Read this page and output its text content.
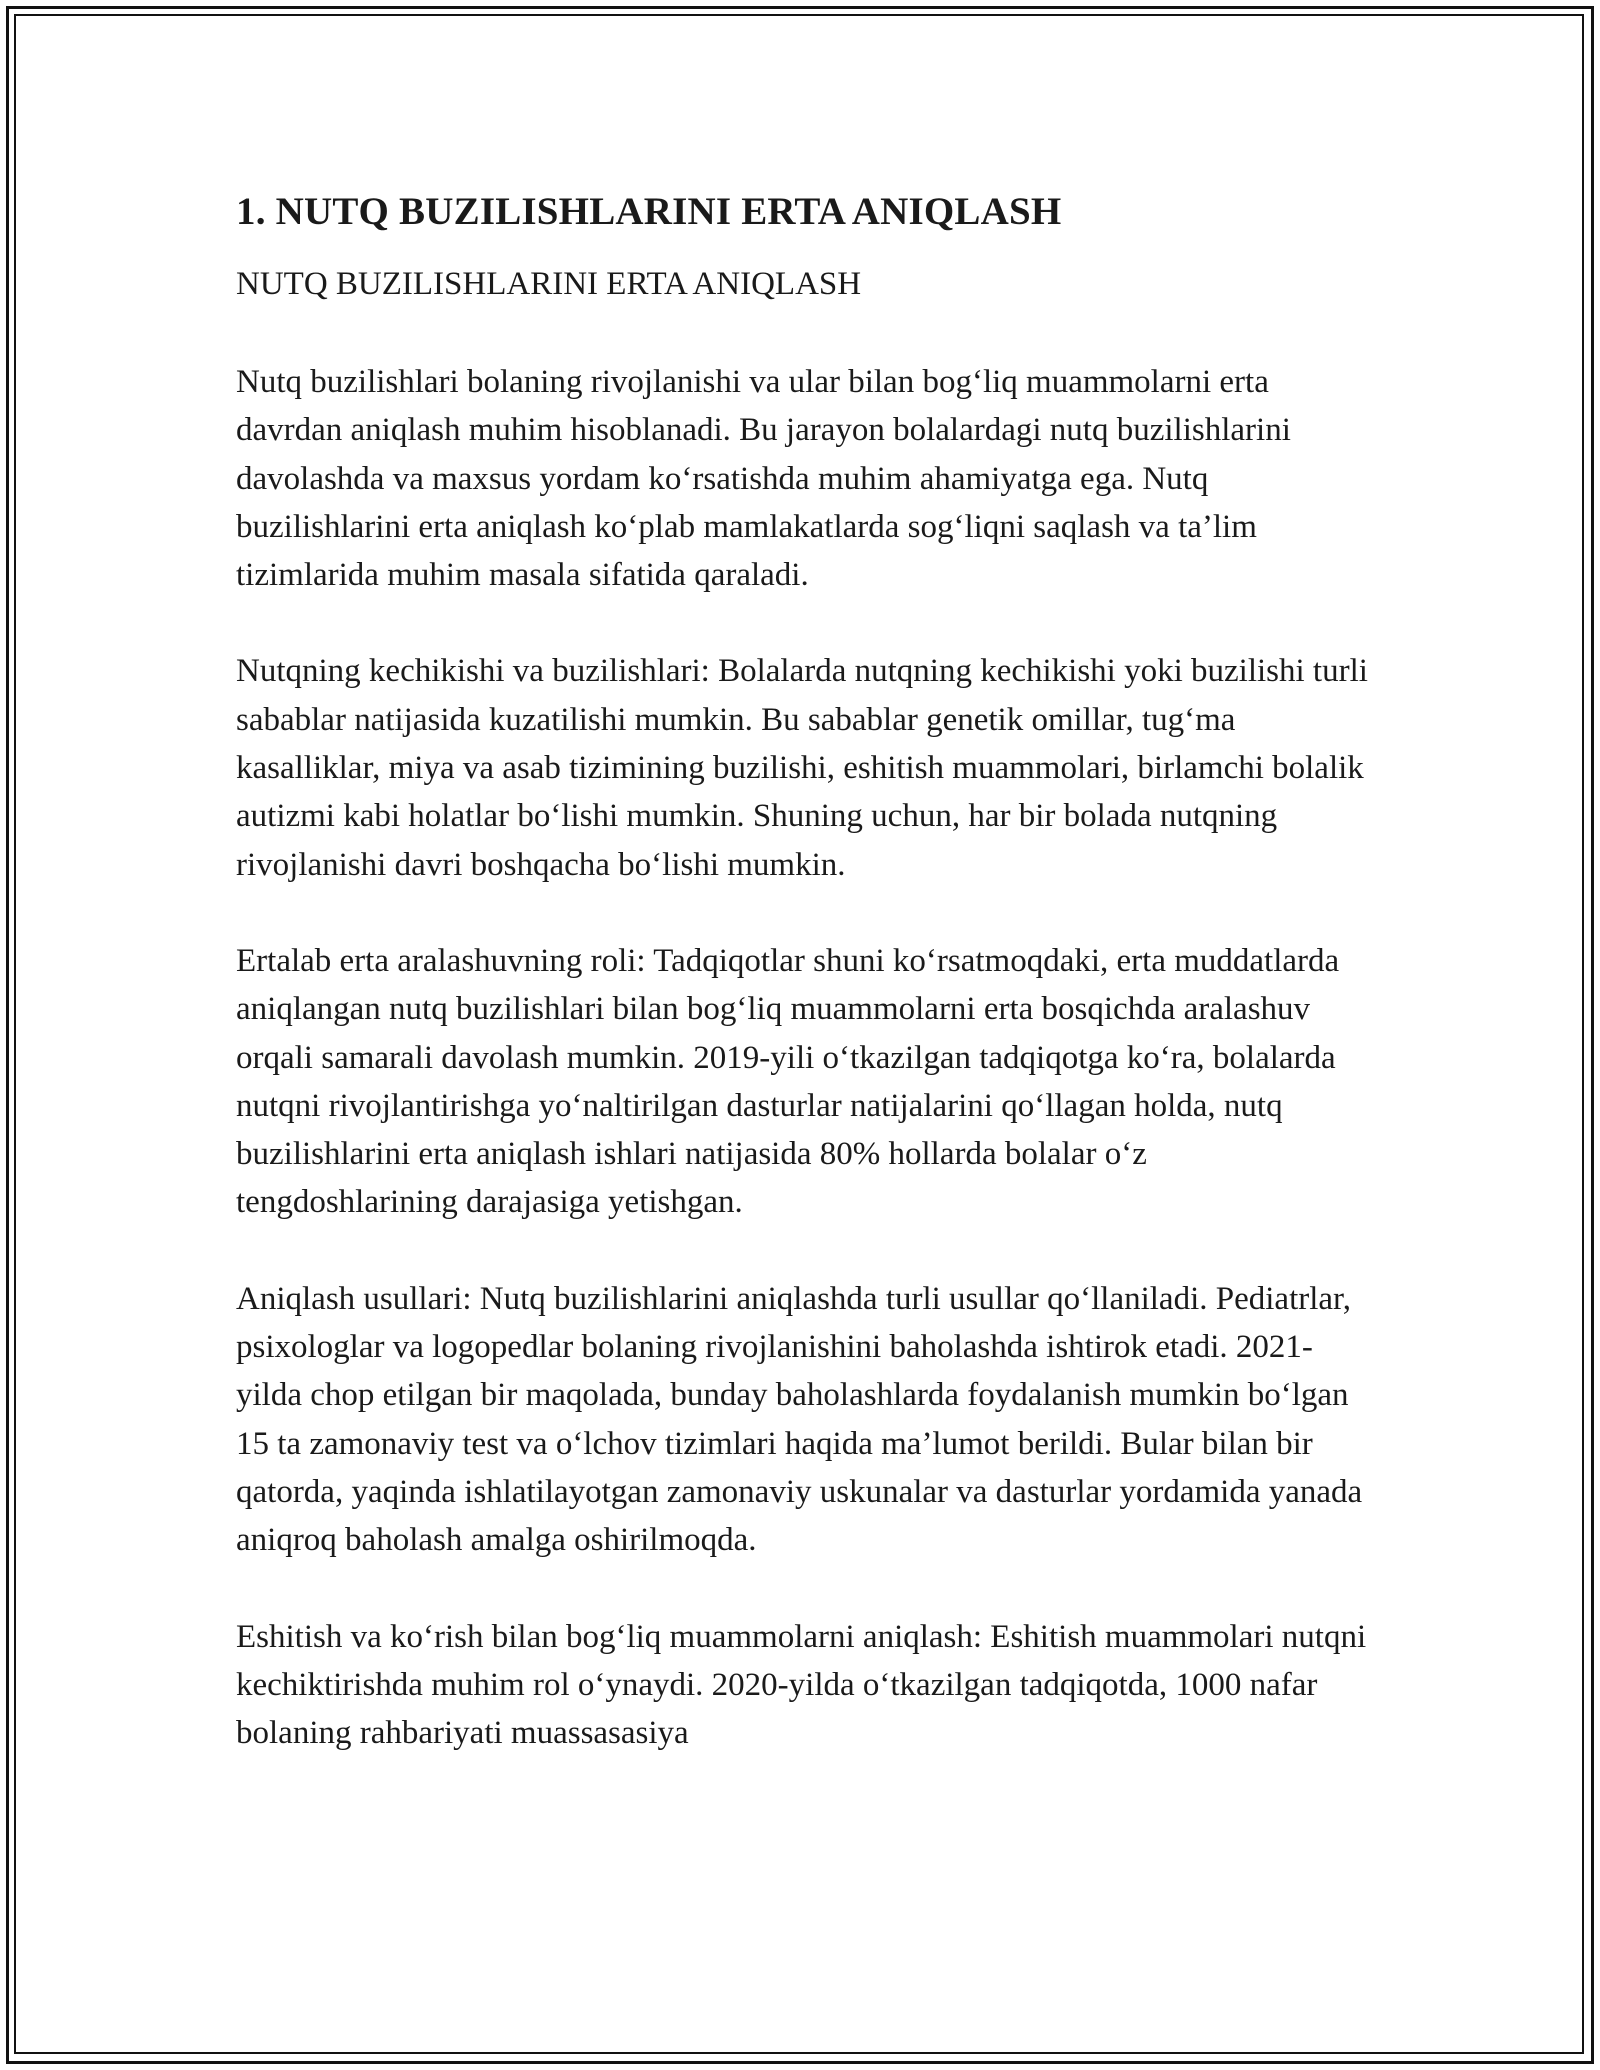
1. NUTQ BUZILISHLARINI ERTA ANIQLASH
NUTQ BUZILISHLARINI ERTA ANIQLASH

Nutq buzilishlari bolaning rivojlanishi va ular bilan bogʻliq muammolarni erta davrdan aniqlash muhim hisoblanadi. Bu jarayon bolalardagi nutq buzilishlarini davolashda va maxsus yordam koʻrsatishda muhim ahamiyatga ega. Nutq buzilishlarini erta aniqlash koʻplab mamlakatlarda sogʻliqni saqlash va ta’lim tizimlarida muhim masala sifatida qaraladi.

Nutqning kechikishi va buzilishlari: Bolalarda nutqning kechikishi yoki buzilishi turli sabablar natijasida kuzatilishi mumkin. Bu sabablar genetik omillar, tugʻma kasalliklar, miya va asab tizimining buzilishi, eshitish muammolari, birlamchi bolalik autizmi kabi holatlar boʻlishi mumkin. Shuning uchun, har bir bolada nutqning rivojlanishi davri boshqacha boʻlishi mumkin.

Ertalab erta aralashuvning roli: Tadqiqotlar shuni koʻrsatmoqdaki, erta muddatlarda aniqlangan nutq buzilishlari bilan bogʻliq muammolarni erta bosqichda aralashuv orqali samarali davolash mumkin. 2019-yili oʻtkazilgan tadqiqotga koʻra, bolalarda nutqni rivojlantirishga yoʻnaltirilgan dasturlar natijalarini qoʻllagan holda, nutq buzilishlarini erta aniqlash ishlari natijasida 80% hollarda bolalar oʻz tengdoshlarining darajasiga yetishgan.

Aniqlash usullari: Nutq buzilishlarini aniqlashda turli usullar qoʻllaniladi. Pediatrlar, psixologlar va logopedlar bolaning rivojlanishini baholashda ishtirok etadi. 2021-yilda chop etilgan bir maqolada, bunday baholashlarda foydalanish mumkin boʻlgan 15 ta zamonaviy test va oʻlchov tizimlari haqida ma’lumot berildi. Bular bilan bir qatorda, yaqinda ishlatilayotgan zamonaviy uskunalar va dasturlar yordamida yanada aniqroq baholash amalga oshirilmoqda.

Eshitish va koʻrish bilan bogʻliq muammolarni aniqlash: Eshitish muammolari nutqni kechiktirishda muhim rol oʻynaydi. 2020-yilda oʻtkazilgan tadqiqotda, 1000 nafar bolaning rahbariyati muassasasiya
